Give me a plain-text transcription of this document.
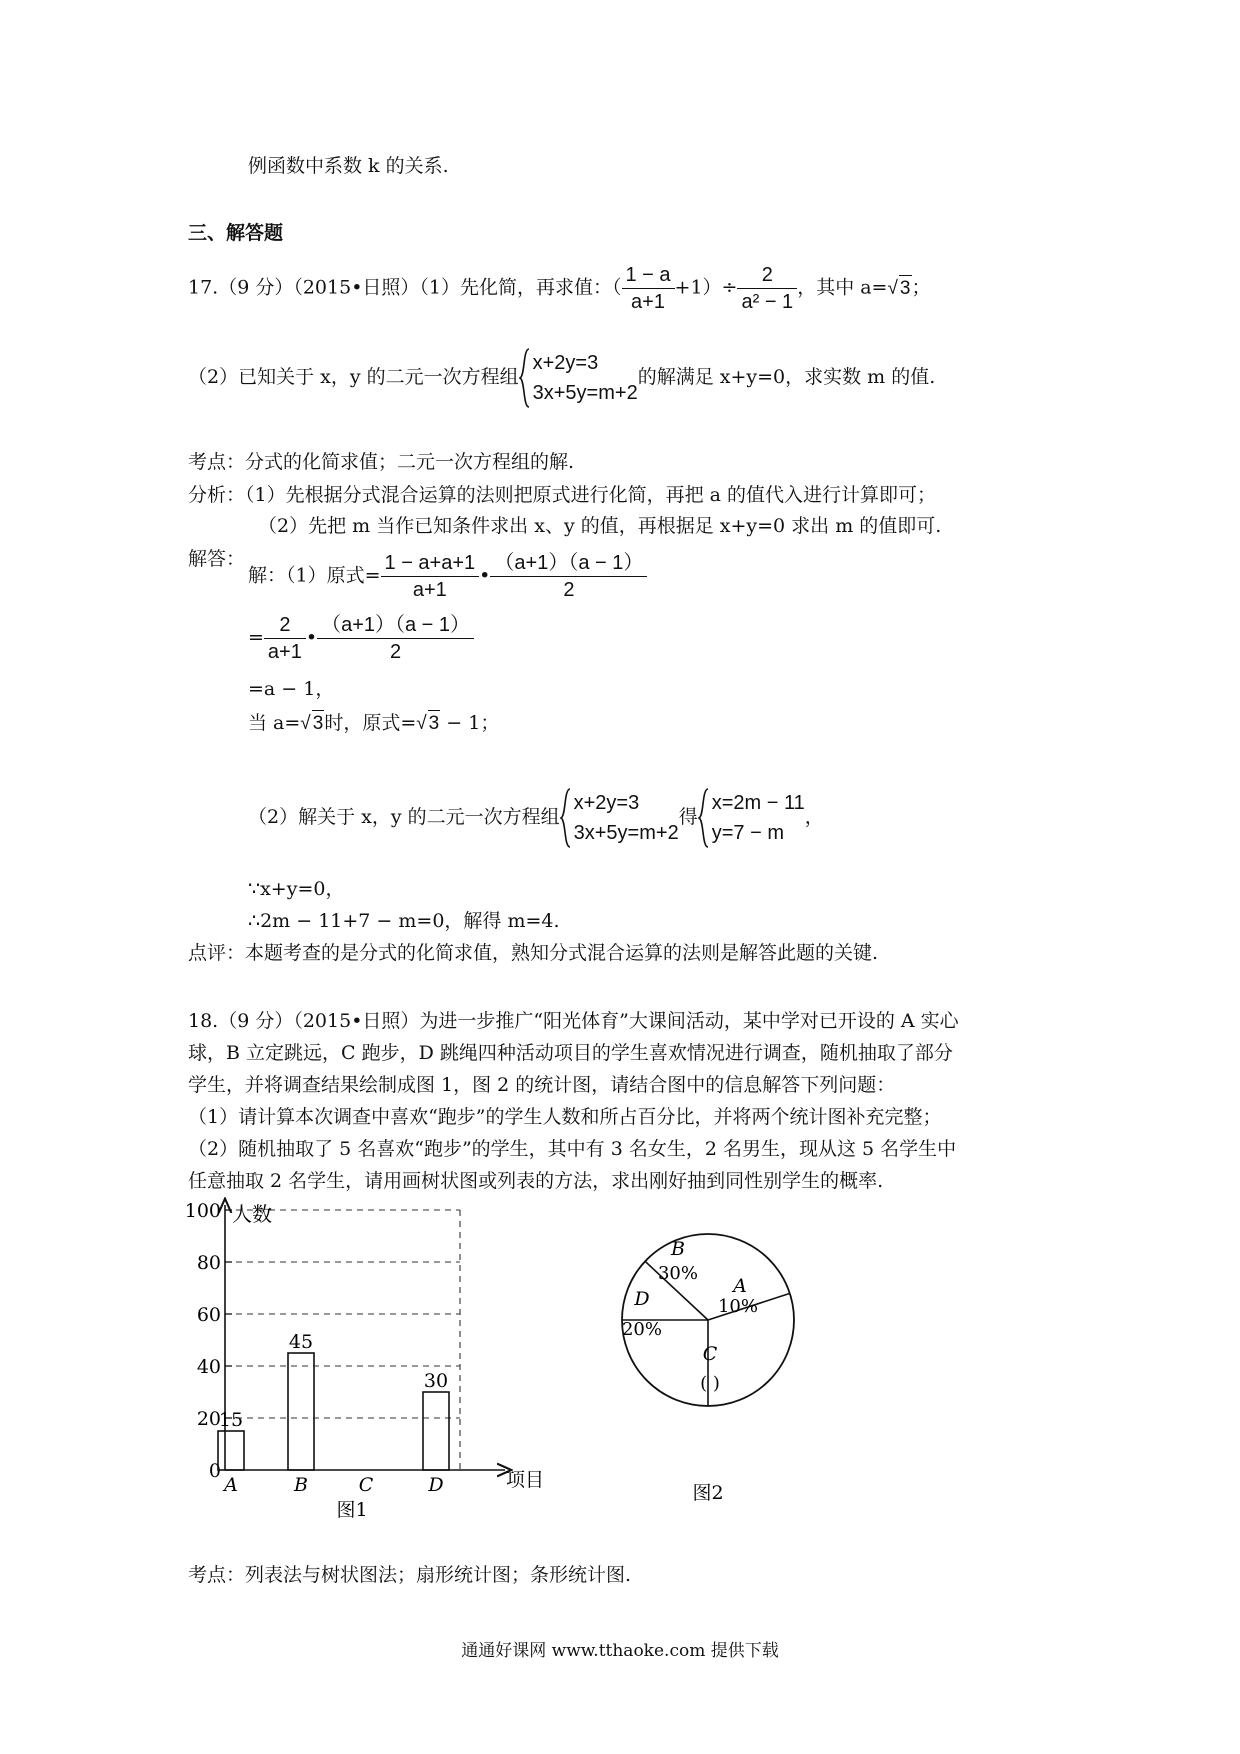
例函数中系数 k 的关系.
三、解答题
17.（9 分）（2015•日照）（1）先化简，再求值：（ $\frac{1 - a}{a+1} +1)\div \frac{2}{\text{a² − 1}}$ ，其中 a= √ 3；
（2）已知关于 x，y 的二元一次方程组
x+2y=3
3x+5y=m+2
的解满足 x+y=0，求实数 m 的值.
考点：分式的化简求值；二元一次方程组的解.
分析：（1）先根据分式混合运算的法则把原式进行化简，再把 a 的值代入进行计算即可；
（2）先把 m 当作已知条件求出 x、y 的值，再根据足 x+y=0 求出 m 的值即可.
解答：
解：（1）原式= $\frac{1 - a+a+1}{a+1}$ • $\frac{(a+1)(a - 1)}{2}$
= $\frac{2}{a+1}$ • $\frac{(a+1)(a - 1)}{2}$
=a − 1，
当 a= √ 3时，原式= √ 3 − 1；
（2）解关于 x，y 的二元一次方程组
x+2y=3
3x+5y=m+2
得
x=2m − 11
y=7 − m
，
∵x+y=0，
∴2m − 11+7 − m=0，解得 m=4.
点评：本题考查的是分式的化简求值，熟知分式混合运算的法则是解答此题的关键.
18.（9 分）（2015•日照）为进一步推广“阳光体育”大课间活动，某中学对已开设的 A 实心
球，B 立定跳远，C 跑步，D 跳绳四种活动项目的学生喜欢情况进行调查，随机抽取了部分
学生，并将调查结果绘制成图 1，图 2 的统计图，请结合图中的信息解答下列问题：
（1）请计算本次调查中喜欢“跑步”的学生人数和所占百分比，并将两个统计图补充完整；
（2）随机抽取了 5 名喜欢“跑步”的学生，其中有 3 名女生，2 名男生，现从这 5 名学生中
任意抽取 2 名学生，请用画树状图或列表的方法，求出刚好抽到同性别学生的概率.
0
20
40
60
80
100
15
A
45
B	C
30
D
人数
项目
图1
B
30%
A
10%
C
( )
D
20%
图2
考点：列表法与树状图法；扇形统计图；条形统计图.
通通好课网 www.tthaoke.com 提供下载
